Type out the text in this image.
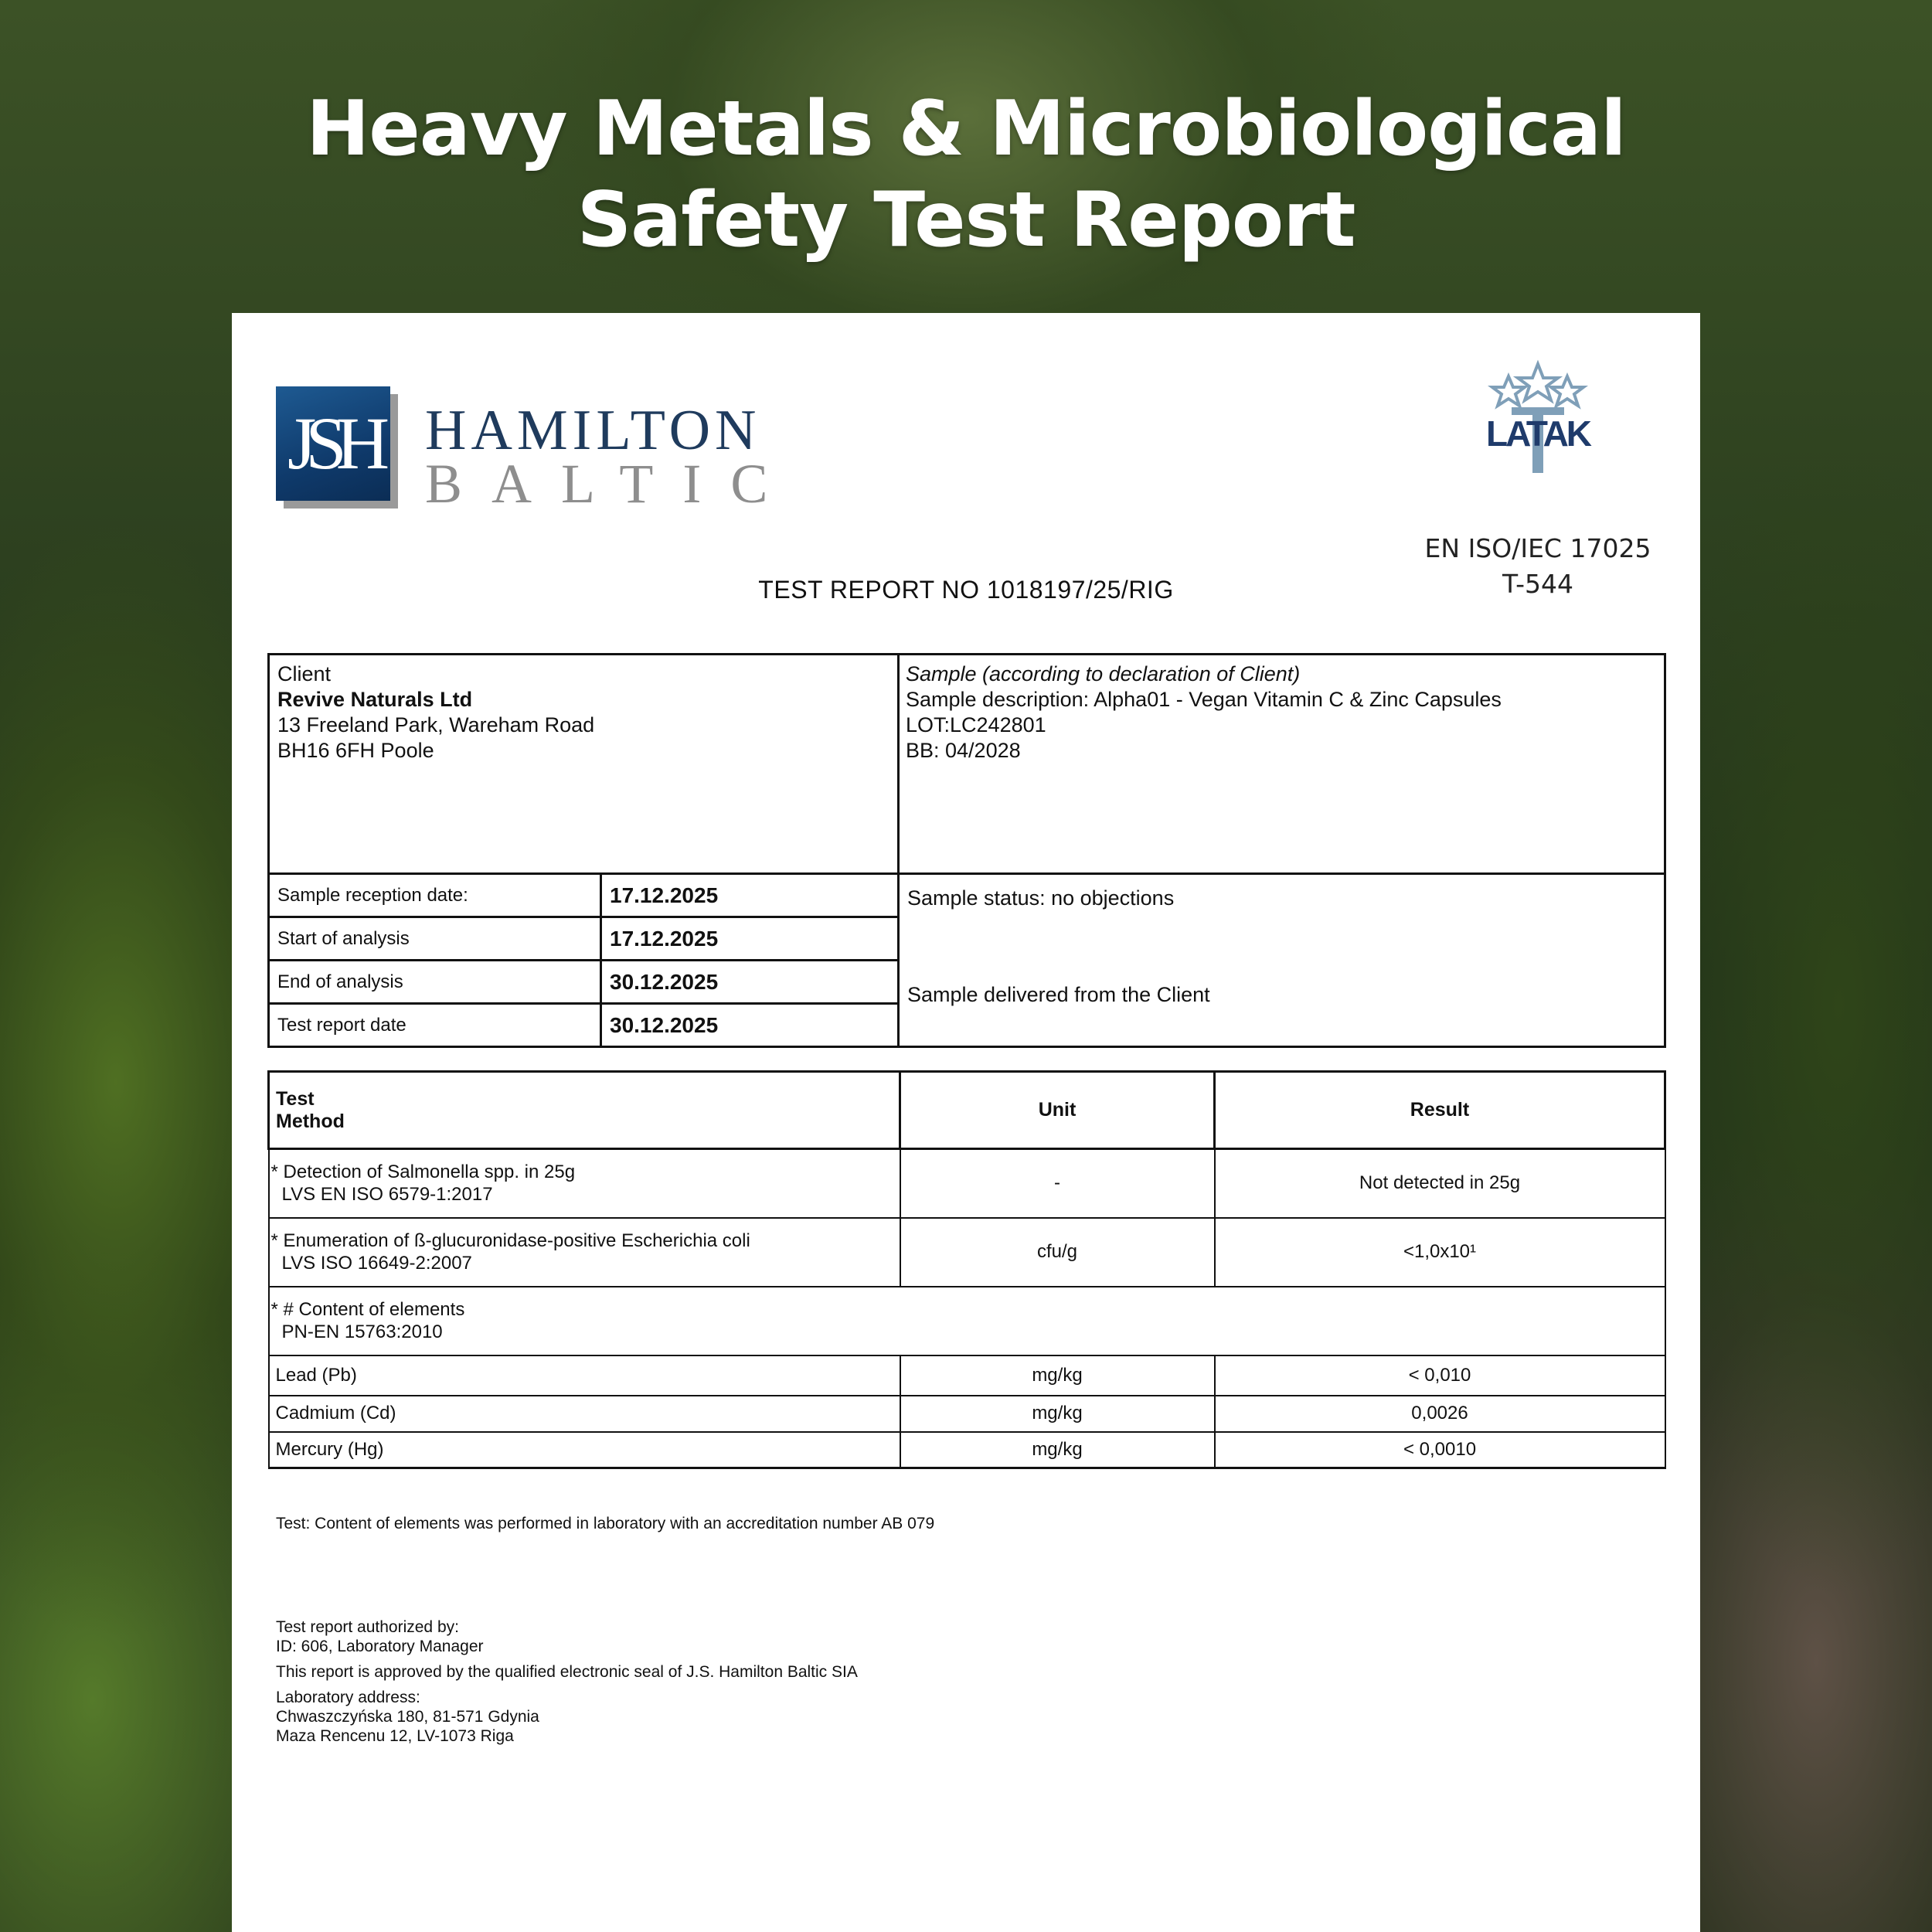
Heavy Metals & Microbiological
Safety Test Report
JSH HAMILTON
BALTIC
LATAK
EN ISO/IEC 17025
T-544
TEST REPORT NO 1018197/25/RIG
Client
Revive Naturals Ltd
13 Freeland Park, Wareham Road
BH16 6FH Poole		Sample (according to declaration of Client)
Sample description: Alpha01 - Vegan Vitamin C & Zinc Capsules
LOT:LC242801
BB: 04/2028

Sample reception date:	17.12.2025	Sample status: no objections
Sample delivered from the Client

Start of analysis	17.12.2025	
End of analysis	30.12.2025	
Test report date	30.12.2025	
Test
Method	Unit	Result

* Detection of Salmonella spp. in 25g
LVS EN ISO 6579-1:2017	-	Not detected in 25g

* Enumeration of ß-glucuronidase-positive Escherichia coli
LVS ISO 16649-2:2007	cfu/g	<1,0x10¹

* # Content of elements
PN-EN 15763:2010		

Lead (Pb)	mg/kg	< 0,010
Cadmium (Cd)	mg/kg	0,0026
Mercury (Hg)	mg/kg	< 0,0010
Test: Content of elements was performed in laboratory with an accreditation number AB 079
Test report authorized by:
ID: 606, Laboratory Manager
This report is approved by the qualified electronic seal of J.S. Hamilton Baltic SIA
Laboratory address:
Chwaszczyńska 180, 81-571 Gdynia
Maza Rencenu 12, LV-1073 Riga
